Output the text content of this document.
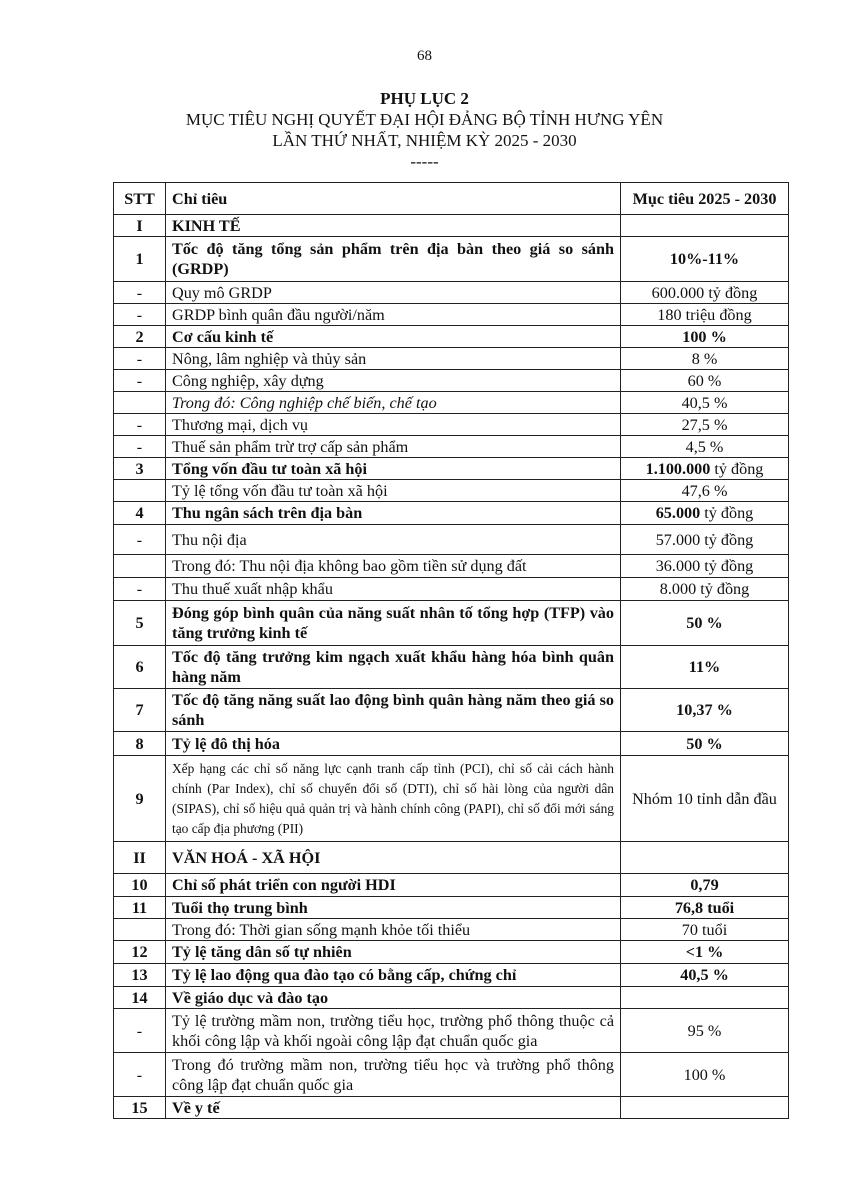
68
PHỤ LỤC 2
MỤC TIÊU NGHỊ QUYẾT ĐẠI HỘI ĐẢNG BỘ TỈNH HƯNG YÊN
LẦN THỨ NHẤT, NHIỆM KỲ 2025 - 2030
-----
STT	Chỉ tiêu	Mục tiêu 2025 - 2030
I	KINH TẾ	
1	Tốc độ tăng tổng sản phẩm trên địa bàn theo giá so sánh (GRDP)	10%-11%
-	Quy mô GRDP	600.000 tỷ đồng
-	GRDP bình quân đầu người/năm	180 triệu đồng
2	Cơ cấu kinh tế	100 %
-	Nông, lâm nghiệp và thủy sản	8 %
-	Công nghiệp, xây dựng	60 %
	Trong đó: Công nghiệp chế biến, chế tạo	40,5 %
-	Thương mại, dịch vụ	27,5 %
-	Thuế sản phẩm trừ trợ cấp sản phẩm	4,5 %
3	Tổng vốn đầu tư toàn xã hội	1.100.000 tỷ đồng
	Tỷ lệ tổng vốn đầu tư toàn xã hội	47,6 %
4	Thu ngân sách trên địa bàn	65.000 tỷ đồng
-	Thu nội địa	57.000 tỷ đồng
	Trong đó: Thu nội địa không bao gồm tiền sử dụng đất	36.000 tỷ đồng
-	Thu thuế xuất nhập khẩu	8.000 tỷ đồng
5	Đóng góp bình quân của năng suất nhân tố tổng hợp (TFP) vào tăng trưởng kinh tế	50 %
6	Tốc độ tăng trưởng kim ngạch xuất khẩu hàng hóa bình quân hàng năm	11%
7	Tốc độ tăng năng suất lao động bình quân hàng năm theo giá so sánh	10,37 %
8	Tỷ lệ đô thị hóa	50 %
9	Xếp hạng các chỉ số năng lực cạnh tranh cấp tỉnh (PCI), chỉ số cải cách hành chính (Par Index), chỉ số chuyển đổi số (DTI), chỉ số hài lòng của người dân (SIPAS), chỉ số hiệu quả quản trị và hành chính công (PAPI), chỉ số đổi mới sáng tạo cấp địa phương (PII)	Nhóm 10 tỉnh dẫn đầu
II	VĂN HOÁ - XÃ HỘI	
10	Chỉ số phát triển con người HDI	0,79
11	Tuổi thọ trung bình	76,8 tuổi
	Trong đó: Thời gian sống mạnh khỏe tối thiểu	70 tuổi
12	Tỷ lệ tăng dân số tự nhiên	<1 %
13	Tỷ lệ lao động qua đào tạo có bằng cấp, chứng chỉ	40,5 %
14	Về giáo dục và đào tạo	
-	Tỷ lệ trường mầm non, trường tiểu học, trường phổ thông thuộc cả khối công lập và khối ngoài công lập đạt chuẩn quốc gia	95 %
-	Trong đó trường mầm non, trường tiểu học và trường phổ thông công lập đạt chuẩn quốc gia	100 %
15	Về y tế	
